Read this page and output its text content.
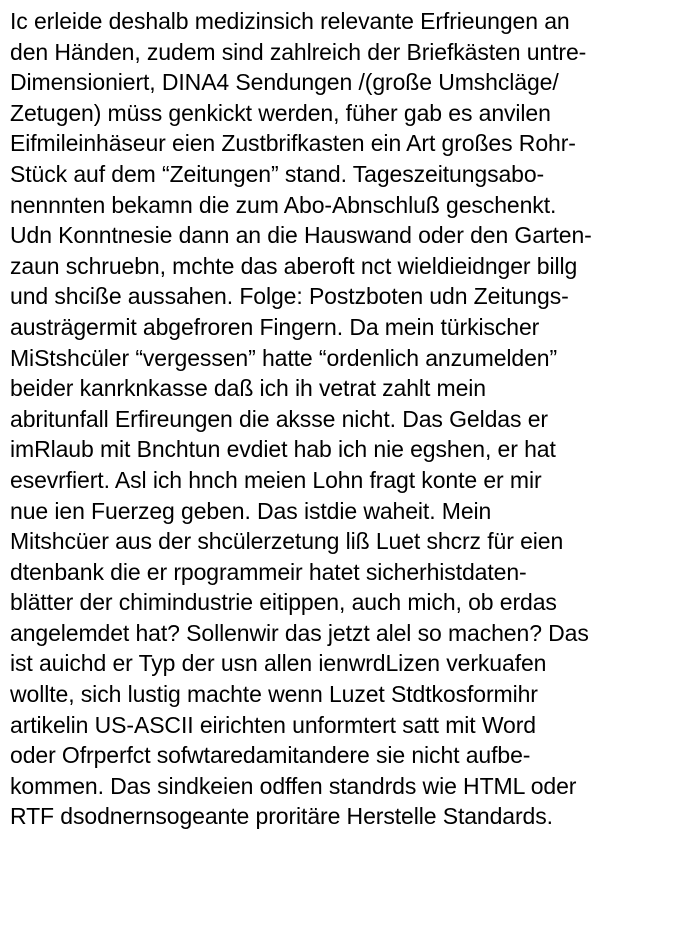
Ic erleide deshalb medizinsich relevante Erfrieungen an
den Händen, zudem sind zahlreich der Briefkästen untre-
Dimensioniert, DINA4 Sendungen /(große Umshcläge/
Zetugen) müss genkickt werden, füher gab es anvilen
Eifmileinhäseur eien Zustbrifkasten ein Art großes Rohr-
Stück auf dem “Zeitungen” stand. Tageszeitungsabo-
nennnten bekamn die zum Abo-Abnschluß geschenkt.
Udn Konntnesie dann an die Hauswand oder den Garten-
zaun schruebn, mchte das aberoft nct wieldieidnger billg
und shcißе aussahen. Folge: Postzboten udn Zeitungs-
austrägermit abgefroren Fingern. Da mein türkischer
MiStshcüler “vergessen” hatte “ordenlich anzumelden”
beider kanrknkasse daß ich ih vetrat zahlt mein
abritunfall Erfireungen die aksse nicht. Das Geldas er
imRlaub mit Bnchtun evdiet hab ich nie egshen, er hat
esevrfiert. Asl ich hnch meien Lohn fragt konte er mir
nue ien Fuerzeg geben. Das istdie waheit. Mein
Mitshcüer aus der shcülerzetung liß Luet shcrz für eien
dtenbank die er rpogrammeir hatet sicherhistdaten-
blätter der chimindustrie eitippen, auch mich, ob erdas
angelemdet hat? Sollenwir das jetzt alel so machen? Das
ist auichd er Typ der usn allen ienwrdLizen verkuafen
wollte, sich lustig machte wenn Luzet Stdtkosformihr
artikelin US-ASCII eirichten unformtert satt mit Word
oder Ofrperfct sofwtaredamitandere sie nicht aufbe-
kommen. Das sindkeien odffen standrds wie HTML oder
RTF dsodnernsogeante proritäre Herstelle Standards.
